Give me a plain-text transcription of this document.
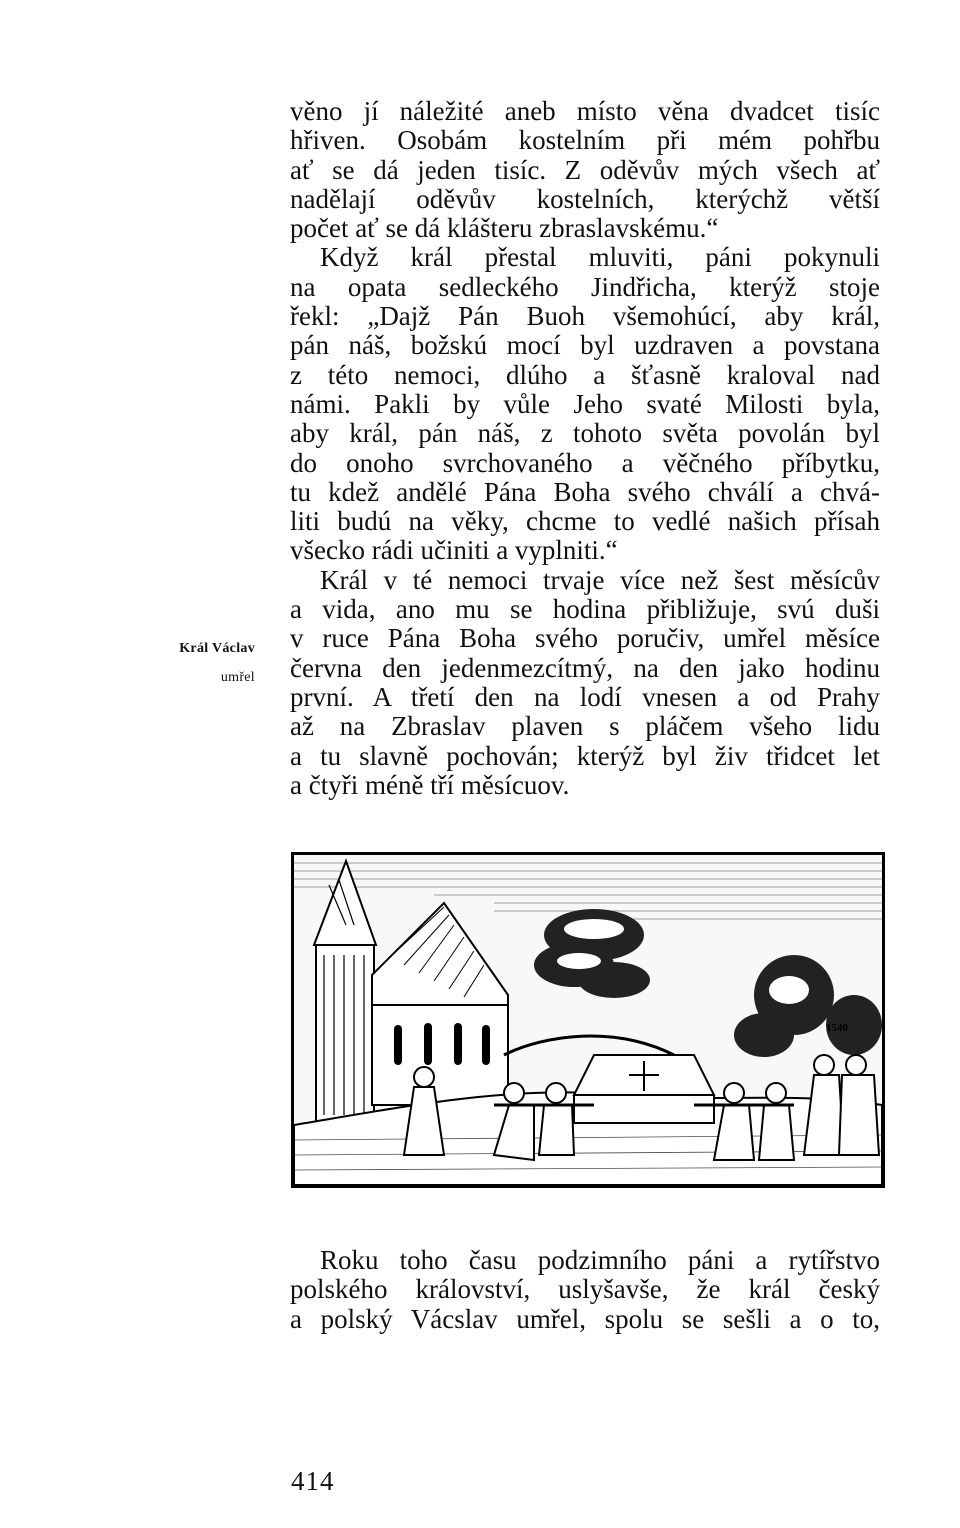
věno jí náležité aneb místo věna dvadcet tisíc
hřiven. Osobám kostelním při mém pohřbu
ať se dá jeden tisíc. Z oděvův mých všech ať
nadělají oděvův kostelních, kterýchž větší
počet ať se dá klášteru zbraslavskému.“

Když král přestal mluviti, páni pokynuli
na opata sedleckého Jindřicha, kterýž stoje
řekl: „Dajž Pán Buoh všemohúcí, aby král,
pán náš, božskú mocí byl uzdraven a povstana
z této nemoci, dlúho a šťasně kraloval nad
námi. Pakli by vůle Jeho svaté Milosti byla,
aby král, pán náš, z tohoto světa povolán byl
do onoho svrchovaného a věčného příbytku,
tu kdež andělé Pána Boha svého chválí a chvá-
liti budú na věky, chcme to vedlé našich přísah
všecko rádi učiniti a vyplniti.“

Král v té nemoci trvaje více než šest měsícův
a vida, ano mu se hodina přibližuje, svú duši
v ruce Pána Boha svého poručiv, umřel měsíce
června den jedenmezcítmý, na den jako hodinu
první. A třetí den na lodí vnesen a od Prahy
až na Zbraslav plaven s pláčem všeho lidu
a tu slavně pochován; kterýž byl živ třidcet let
a čtyři méně tří měsícuov.

Král Václav
umřel
1540

Roku toho času podzimního páni a rytířstvo
polského království, uslyšavše, že král český
a polský Vácslav umřel, spolu se sešli a o to,

414
